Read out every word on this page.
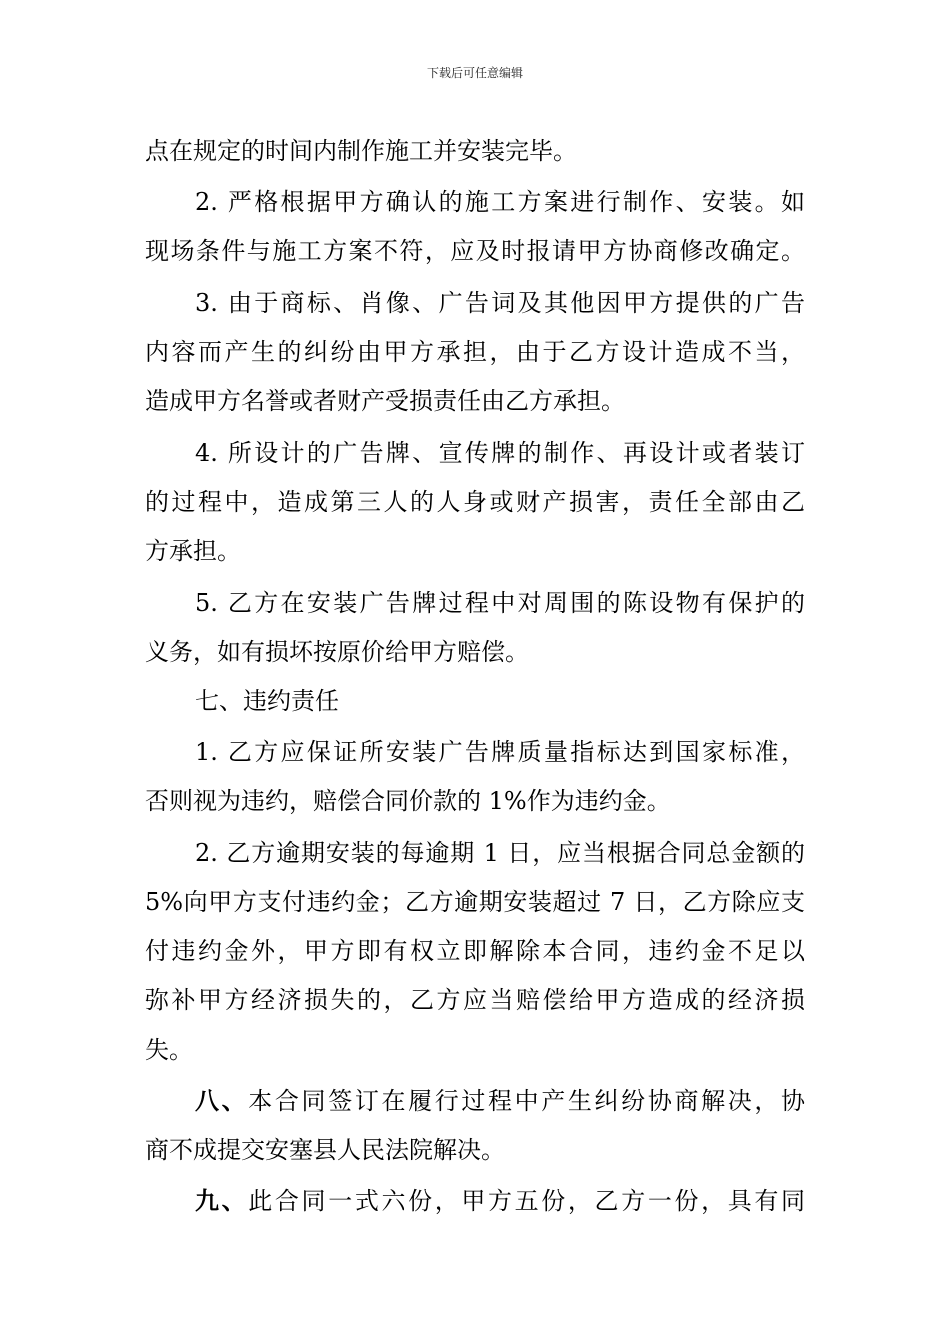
下载后可任意编辑
点在规定的时间内制作施工并安装完毕。
2. 严格根据甲方确认的施工方案进行制作、安装。如
现场条件与施工方案不符，应及时报请甲方协商修改确定。
3. 由于商标、肖像、广告词及其他因甲方提供的广告
内容而产生的纠纷由甲方承担，由于乙方设计造成不当，
造成甲方名誉或者财产受损责任由乙方承担。
4. 所设计的广告牌、宣传牌的制作、再设计或者装订
的过程中，造成第三人的人身或财产损害，责任全部由乙
方承担。
5. 乙方在安装广告牌过程中对周围的陈设物有保护的
义务，如有损坏按原价给甲方赔偿。
七、违约责任
1. 乙方应保证所安装广告牌质量指标达到国家标准，
否则视为违约，赔偿合同价款的 1%作为违约金。
2. 乙方逾期安装的每逾期 1 日，应当根据合同总金额的
5%向甲方支付违约金；乙方逾期安装超过 7 日，乙方除应支
付违约金外，甲方即有权立即解除本合同，违约金不足以
弥补甲方经济损失的，乙方应当赔偿给甲方造成的经济损
失。
八、本合同签订在履行过程中产生纠纷协商解决，协
商不成提交安塞县人民法院解决。
九、此合同一式六份，甲方五份，乙方一份，具有同
